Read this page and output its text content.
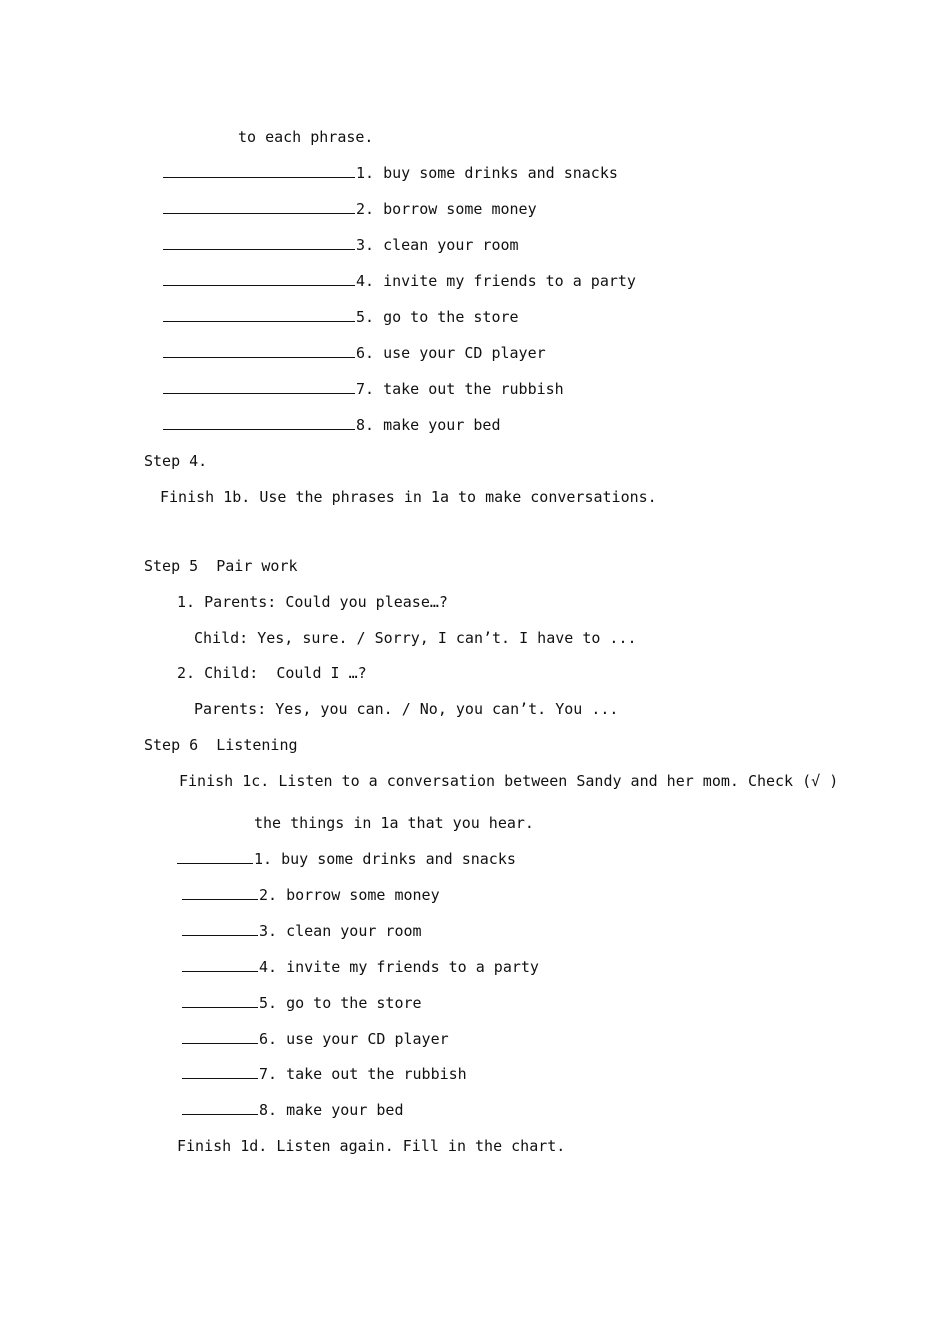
to each phrase.
1. buy some drinks and snacks
2. borrow some money
3. clean your room
4. invite my friends to a party
5. go to the store
6. use your CD player
7. take out the rubbish
8. make your bed
Step 4.
Finish 1b. Use the phrases in 1a to make conversations.
Step 5  Pair work
1. Parents: Could you please…?
Child: Yes, sure. / Sorry, I can’t. I have to ...
2. Child:  Could I …?
Parents: Yes, you can. / No, you can’t. You ...
Step 6  Listening
Finish 1c. Listen to a conversation between Sandy and her mom. Check (√ )
the things in 1a that you hear.
1. buy some drinks and snacks
2. borrow some money
3. clean your room
4. invite my friends to a party
5. go to the store
6. use your CD player
7. take out the rubbish
8. make your bed
Finish 1d. Listen again. Fill in the chart.
